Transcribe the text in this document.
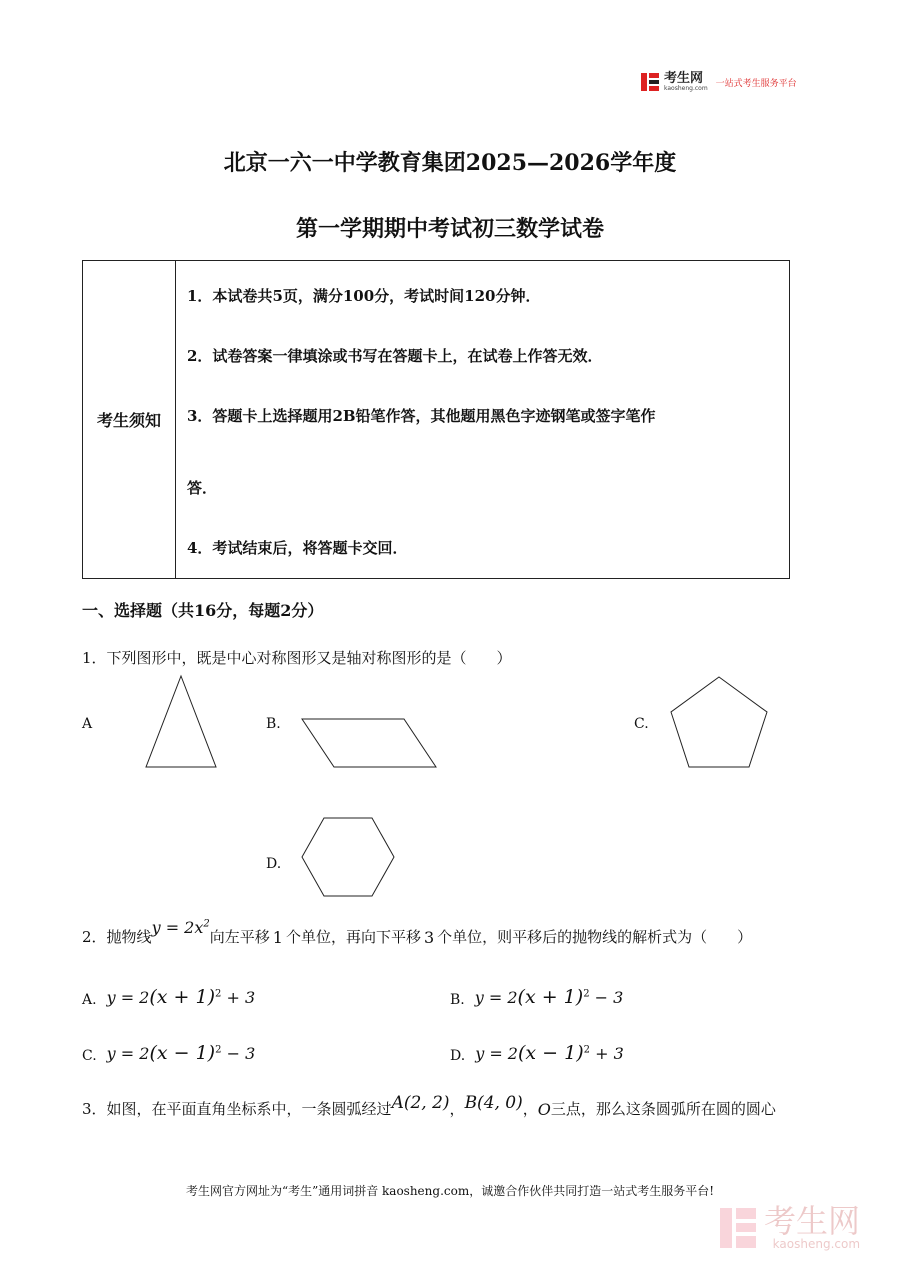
考生网
kaosheng.com 一站式考生服务平台
北京一六一中学教育集团2025—2026学年度
第一学期期中考试初三数学试卷
考生须知
1．本试卷共5页，满分100分，考试时间120分钟．
2．试卷答案一律填涂或书写在答题卡上，在试卷上作答无效．
3．答题卡上选择题用2B铅笔作答，其他题用黑色字迹钢笔或签字笔作
答．
4．考试结束后，将答题卡交回．
一、选择题（共16分，每题2分）
1．下列图形中，既是中心对称图形又是轴对称图形的是（　　）
A	B.	C.
D.
2． 抛物线 $y = 2x^2$
向左平移 1 个单位，再向下平移 3 个单位，则平移后的抛物线的解析式为（　　）
A. $y = 2(x + 1)^2 + 3$	B. $y = 2(x + 1)^2 - 3$
C. $y = 2(x - 1)^2 - 3$	D. $y = 2(x - 1)^2 + 3$
3． 如图，在平面直角坐标系中，一条圆弧经过 A(2, 2) ， B(4, 0) ， O 三点，那么这条圆弧所在圆的圆心
考生网官方网址为“考生”通用词拼音 kaosheng.com，诚邀合作伙伴共同打造一站式考生服务平台!
考生网
kaosheng.com
